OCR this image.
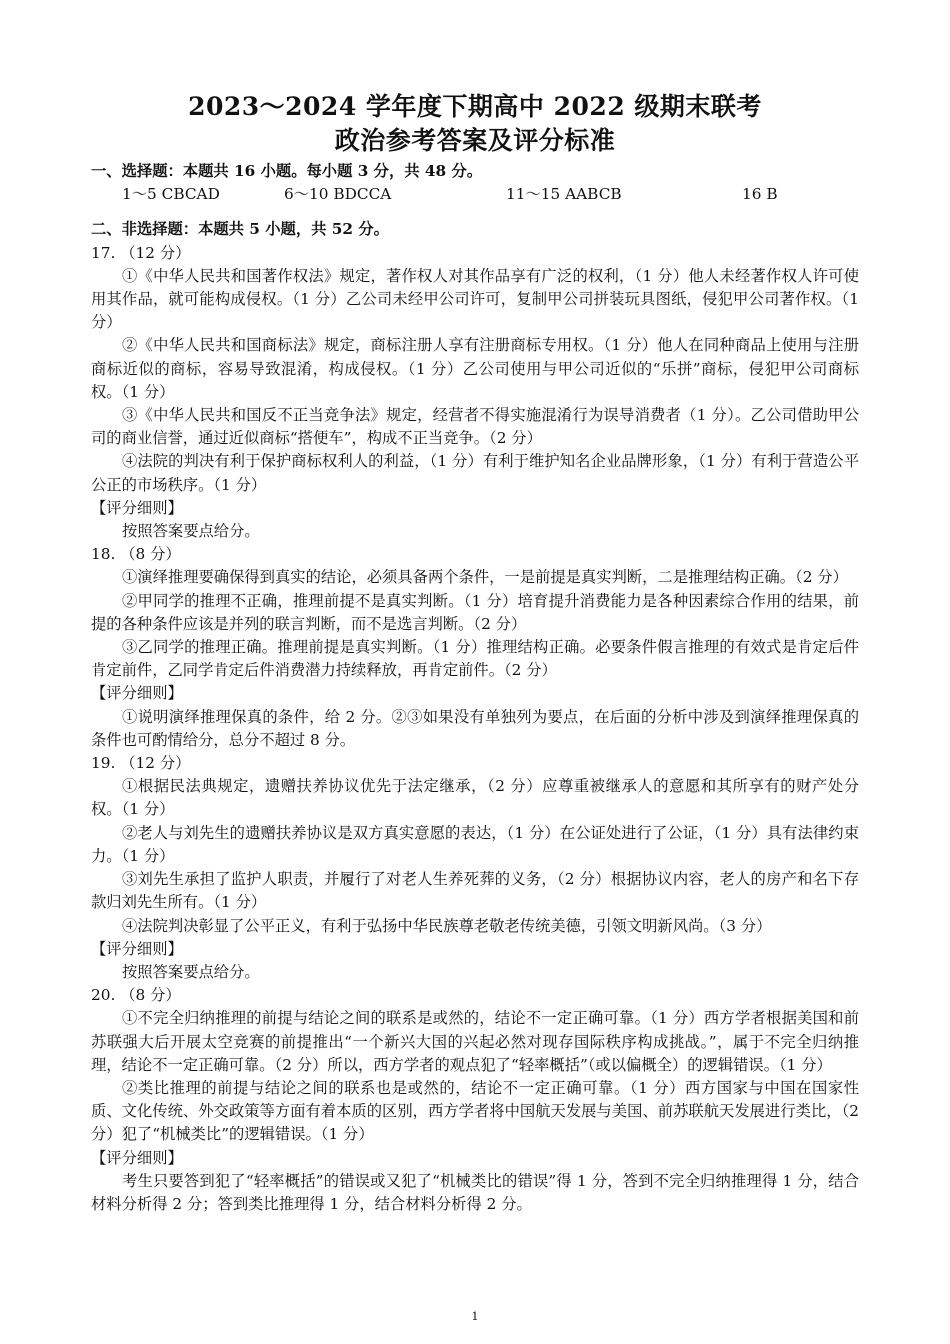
2023～2024 学年度下期高中 2022 级期末联考
政治参考答案及评分标准

一、选择题：本题共 16 小题。每小题 3 分，共 48 分。

1～5 CBCAD	6～10 BDCCA	11～15 AABCB	16 B

二、非选择题：本题共 5 小题，共 52 分。

17. （12 分）

①《中华人民共和国著作权法》规定，著作权人对其作品享有广泛的权利，（1 分）他人未经著作权人许可使用其作品，就可能构成侵权。（1 分）乙公司未经甲公司许可，复制甲公司拼装玩具图纸，侵犯甲公司著作权。（1 分）

②《中华人民共和国商标法》规定，商标注册人享有注册商标专用权。（1 分）他人在同种商品上使用与注册商标近似的商标，容易导致混淆，构成侵权。（1 分）乙公司使用与甲公司近似的“乐拼”商标，侵犯甲公司商标权。（1 分）

③《中华人民共和国反不正当竞争法》规定，经营者不得实施混淆行为误导消费者（1 分）。乙公司借助甲公司的商业信誉，通过近似商标“搭便车”，构成不正当竞争。（2 分）

④法院的判决有利于保护商标权利人的利益，（1 分）有利于维护知名企业品牌形象，（1 分）有利于营造公平公正的市场秩序。（1 分）

【评分细则】

按照答案要点给分。

18. （8 分）

①演绎推理要确保得到真实的结论，必须具备两个条件，一是前提是真实判断，二是推理结构正确。（2 分）

②甲同学的推理不正确，推理前提不是真实判断。（1 分）培育提升消费能力是各种因素综合作用的结果，前提的各种条件应该是并列的联言判断，而不是选言判断。（2 分）

③乙同学的推理正确。推理前提是真实判断。（1 分）推理结构正确。必要条件假言推理的有效式是肯定后件肯定前件，乙同学肯定后件消费潜力持续释放，再肯定前件。（2 分）

【评分细则】

①说明演绎推理保真的条件，给 2 分。②③如果没有单独列为要点，在后面的分析中涉及到演绎推理保真的条件也可酌情给分，总分不超过 8 分。

19. （12 分）

①根据民法典规定，遗赠扶养协议优先于法定继承，（2 分）应尊重被继承人的意愿和其所享有的财产处分权。（1 分）

②老人与刘先生的遗赠扶养协议是双方真实意愿的表达，（1 分）在公证处进行了公证，（1 分）具有法律约束力。（1 分）

③刘先生承担了监护人职责，并履行了对老人生养死葬的义务，（2 分）根据协议内容，老人的房产和名下存款归刘先生所有。（1 分）

④法院判决彰显了公平正义，有利于弘扬中华民族尊老敬老传统美德，引领文明新风尚。（3 分）

【评分细则】

按照答案要点给分。

20. （8 分）

①不完全归纳推理的前提与结论之间的联系是或然的，结论不一定正确可靠。（1 分）西方学者根据美国和前苏联强大后开展太空竞赛的前提推出“一个新兴大国的兴起必然对现存国际秩序构成挑战。”，属于不完全归纳推理，结论不一定正确可靠。（2 分）所以，西方学者的观点犯了“轻率概括”（或以偏概全）的逻辑错误。（1 分）

②类比推理的前提与结论之间的联系也是或然的，结论不一定正确可靠。（1 分）西方国家与中国在国家性质、文化传统、外交政策等方面有着本质的区别，西方学者将中国航天发展与美国、前苏联航天发展进行类比，（2 分）犯了“机械类比”的逻辑错误。（1 分）

【评分细则】

考生只要答到犯了“轻率概括”的错误或又犯了“机械类比的错误”得 1 分，答到不完全归纳推理得 1 分，结合材料分析得 2 分；答到类比推理得 1 分，结合材料分析得 2 分。

1
